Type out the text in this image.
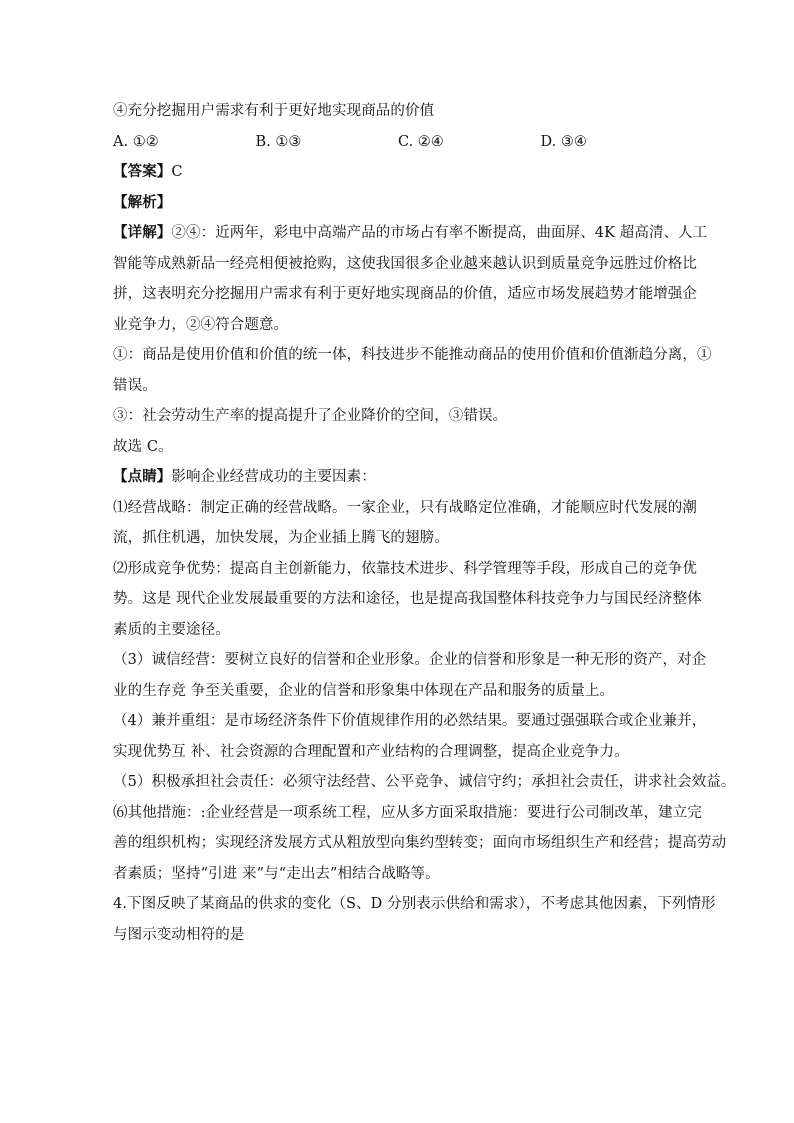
④充分挖掘用户需求有利于更好地实现商品的价值
A. ①②	B. ①③	C. ②④	D. ③④
【答案】C
【解析】
【详解】②④：近两年，彩电中高端产品的市场占有率不断提高，曲面屏、4K 超高清、人工
智能等成熟新品一经亮相便被抢购，这使我国很多企业越来越认识到质量竞争远胜过价格比
拼，这表明充分挖掘用户需求有利于更好地实现商品的价值，适应市场发展趋势才能增强企
业竞争力，②④符合题意。
①：商品是使用价值和价值的统一体，科技进步不能推动商品的使用价值和价值渐趋分离，①
错误。
③：社会劳动生产率的提高提升了企业降价的空间，③错误。
故选 C。
【点睛】影响企业经营成功的主要因素：
⑴经营战略：制定正确的经营战略。一家企业，只有战略定位准确，才能顺应时代发展的潮
流，抓住机遇，加快发展，为企业插上腾飞的翅膀。
⑵形成竞争优势：提高自主创新能力，依靠技术进步、科学管理等手段，形成自己的竞争优
势。这是 现代企业发展最重要的方法和途径，也是提高我国整体科技竞争力与国民经济整体
素质的主要途径。
（3）诚信经营：要树立良好的信誉和企业形象。企业的信誉和形象是一种无形的资产，对企
业的生存竞 争至关重要，企业的信誉和形象集中体现在产品和服务的质量上。
（4）兼并重组：是市场经济条件下价值规律作用的必然结果。要通过强强联合或企业兼并，
实现优势互 补、社会资源的合理配置和产业结构的合理调整，提高企业竞争力。
（5）积极承担社会责任：必须守法经营、公平竞争、诚信守约；承担社会责任，讲求社会效益。
⑹其他措施：:企业经营是一项系统工程，应从多方面采取措施：要进行公司制改革，建立完
善的组织机构；实现经济发展方式从粗放型向集约型转变；面向市场组织生产和经营；提高劳动
者素质；坚持“引进 来”与“走出去”相结合战略等。
4.下图反映了某商品的供求的变化（S、D 分别表示供给和需求），不考虑其他因素，下列情形
与图示变动相符的是
